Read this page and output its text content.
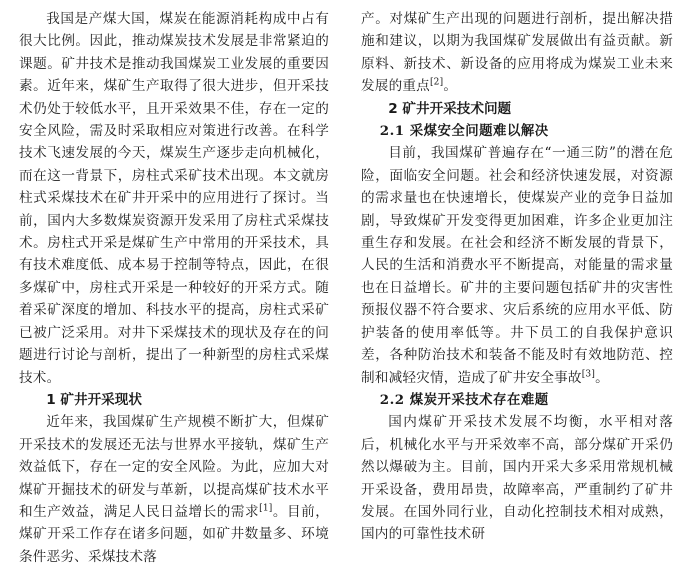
我国是产煤大国，煤炭在能源消耗构成中占有很大比例。因此，推动煤炭技术发展是非常紧迫的课题。矿井技术是推动我国煤炭工业发展的重要因素。近年来，煤矿生产取得了很大进步，但开采技术仍处于较低水平，且开采效果不佳，存在一定的安全风险，需及时采取相应对策进行改善。在科学技术飞速发展的今天，煤炭生产逐步走向机械化，而在这一背景下，房柱式采矿技术出现。本文就房柱式采煤技术在矿井开采中的应用进行了探讨。当前，国内大多数煤炭资源开发采用了房柱式采煤技术。房柱式开采是煤矿生产中常用的开采技术，具有技术难度低、成本易于控制等特点，因此，在很多煤矿中，房柱式开采是一种较好的开采方式。随着采矿深度的增加、科技水平的提高，房柱式采矿已被广泛采用。对井下采煤技术的现状及存在的问题进行讨论与剖析，提出了一种新型的房柱式采煤技术。

1 矿井开采现状

近年来，我国煤矿生产规模不断扩大，但煤矿开采技术的发展还无法与世界水平接轨，煤矿生产效益低下，存在一定的安全风险。为此，应加大对煤矿开掘技术的研发与革新，以提高煤矿技术水平和生产效益，满足人民日益增长的需求[1]。目前，煤矿开采工作存在诸多问题，如矿井数量多、环境条件恶劣、采煤技术落

产。对煤矿生产出现的问题进行剖析，提出解决措施和建议，以期为我国煤矿发展做出有益贡献。新原料、新技术、新设备的应用将成为煤炭工业未来发展的重点[2]。

2 矿井开采技术问题
2.1 采煤安全问题难以解决

目前，我国煤矿普遍存在“一通三防”的潜在危险，面临安全问题。社会和经济快速发展，对资源的需求量也在快速增长，使煤炭产业的竞争日益加剧，导致煤矿开发变得更加困难，许多企业更加注重生存和发展。在社会和经济不断发展的背景下，人民的生活和消费水平不断提高，对能量的需求量也在日益增长。矿井的主要问题包括矿井的灾害性预报仪器不符合要求、灾后系统的应用水平低、防护装备的使用率低等。井下员工的自我保护意识差，各种防治技术和装备不能及时有效地防范、控制和减轻灾情，造成了矿井安全事故[3]。

2.2 煤炭开采技术存在难题

国内煤矿开采技术发展不均衡，水平相对落后，机械化水平与开采效率不高，部分煤矿开采仍然以爆破为主。目前，国内开采大多采用常规机械开采设备，费用昂贵，故障率高，严重制约了矿井发展。在国外同行业，自动化控制技术相对成熟，国内的可靠性技术研
